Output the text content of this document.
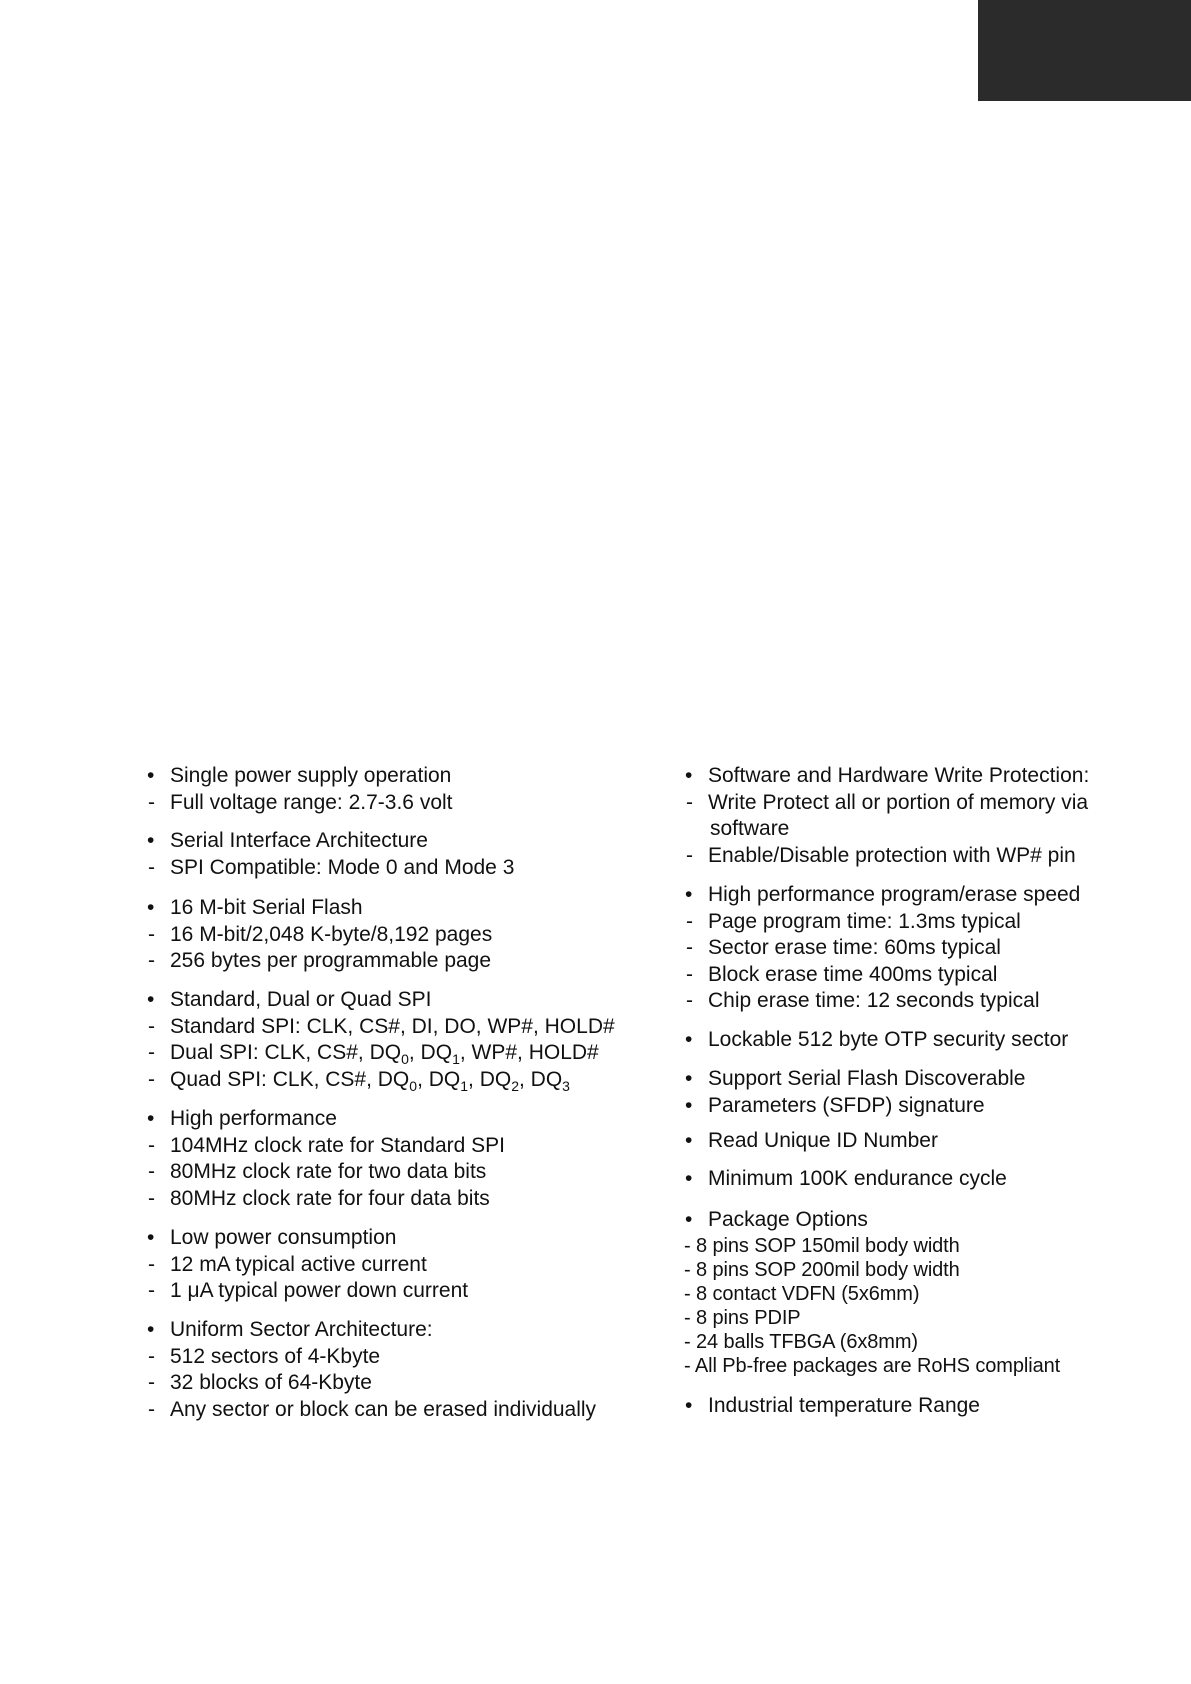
• Single power supply operation
- Full voltage range: 2.7-3.6 volt
• Serial Interface Architecture
- SPI Compatible: Mode 0 and Mode 3
• 16 M-bit Serial Flash
- 16 M-bit/2,048 K-byte/8,192 pages
- 256 bytes per programmable page
• Standard, Dual or Quad SPI
- Standard SPI: CLK, CS#, DI, DO, WP#, HOLD#
- Dual SPI: CLK, CS#, $DQ_0$, $DQ_1$, WP#, HOLD#
- Quad SPI: CLK, CS#, $DQ_0$, $DQ_1$, $DQ_2$, $DQ_3$
• High performance
- 104MHz clock rate for Standard SPI
- 80MHz clock rate for two data bits
- 80MHz clock rate for four data bits
• Low power consumption
- 12 mA typical active current
- 1 μA typical power down current
• Uniform Sector Architecture:
- 512 sectors of 4-Kbyte
- 32 blocks of 64-Kbyte
- Any sector or block can be erased individually
• Software and Hardware Write Protection:
- Write Protect all or portion of memory via
software
- Enable/Disable protection with WP# pin
• High performance program/erase speed
- Page program time: 1.3ms typical
- Sector erase time: 60ms typical
- Block erase time 400ms typical
- Chip erase time: 12 seconds typical
• Lockable 512 byte OTP security sector
• Support Serial Flash Discoverable
• Parameters (SFDP) signature
• Read Unique ID Number
• Minimum 100K endurance cycle
• Package Options
- 8 pins SOP 150mil body width
- 8 pins SOP 200mil body width
- 8 contact VDFN (5x6mm)
- 8 pins PDIP
- 24 balls TFBGA (6x8mm)
- All Pb-free packages are RoHS compliant
• Industrial temperature Range
